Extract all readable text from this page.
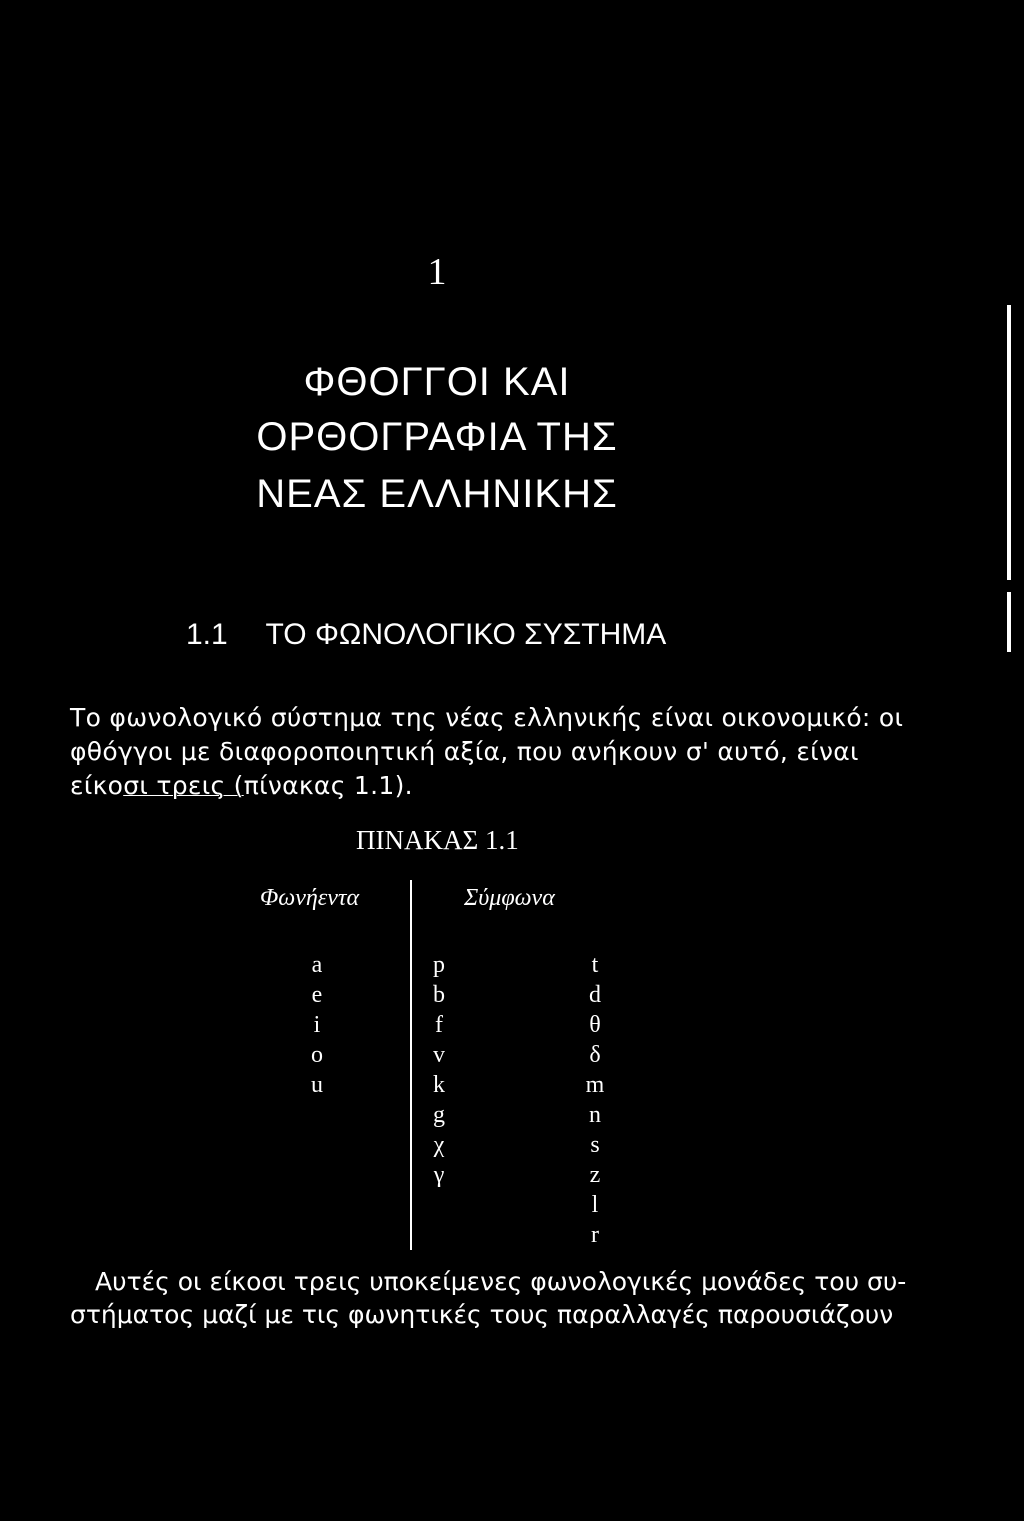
1
ΦΘΟΓΓΟΙ ΚΑΙ
ΟΡΘΟΓΡΑΦΙΑ ΤΗΣ
ΝΕΑΣ ΕΛΛΗΝΙΚΗΣ
1.1 ΤΟ ΦΩΝΟΛΟΓΙΚΟ ΣΥΣΤΗΜΑ
Το φωνολογικό σύστημα της νέας ελληνικής είναι οικονομικό: οι
φθόγγοι με διαφοροποιητική αξία, που ανήκουν σ' αυτό, είναι
είκοσι τρεις (πίνακας 1.1).
ΠΙΝΑΚΑΣ 1.1
Φωνήεντα	Σύμφωνα
a
e
i
o
u
p
b
f
v
k
g
χ
γ
t
d
θ
δ
m
n
s
z
l
r
Αυτές οι είκοσι τρεις υποκείμενες φωνολογικές μονάδες του συ-
στήματος μαζί με τις φωνητικές τους παραλλαγές παρουσιάζουν
